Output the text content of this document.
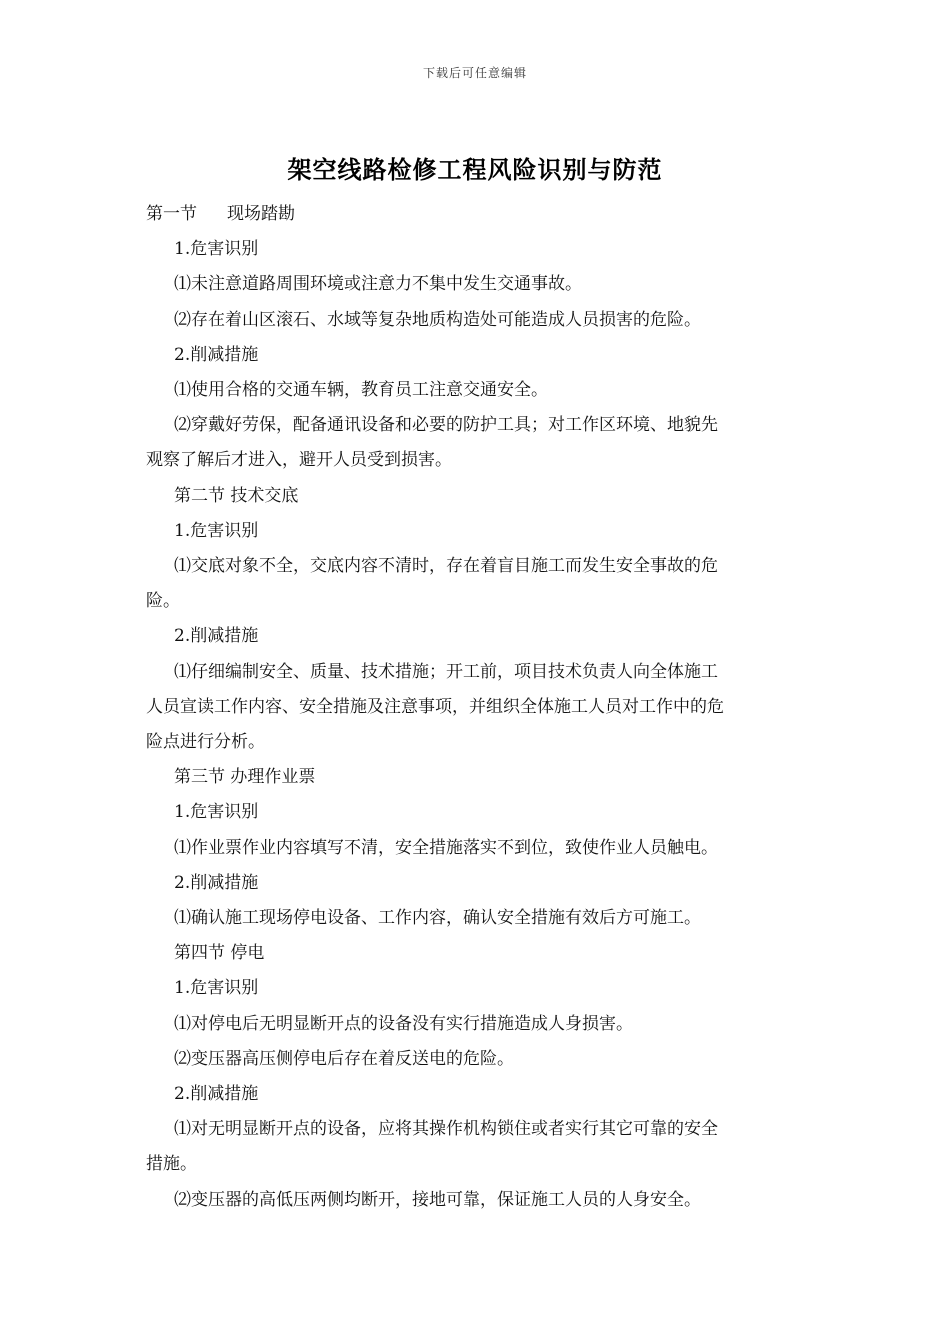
下载后可任意编辑
架空线路检修工程风险识别与防范

第一节 现场踏勘

1.危害识别

⑴未注意道路周围环境或注意力不集中发生交通事故。

⑵存在着山区滚石、水域等复杂地质构造处可能造成人员损害的危险。

2.削减措施

⑴使用合格的交通车辆，教育员工注意交通安全。

⑵穿戴好劳保，配备通讯设备和必要的防护工具；对工作区环境、地貌先

观察了解后才进入，避开人员受到损害。

第二节 技术交底

1.危害识别

⑴交底对象不全，交底内容不清时，存在着盲目施工而发生安全事故的危

险。

2.削减措施

⑴仔细编制安全、质量、技术措施；开工前，项目技术负责人向全体施工

人员宣读工作内容、安全措施及注意事项，并组织全体施工人员对工作中的危

险点进行分析。

第三节 办理作业票

1.危害识别

⑴作业票作业内容填写不清，安全措施落实不到位，致使作业人员触电。

2.削减措施

⑴确认施工现场停电设备、工作内容，确认安全措施有效后方可施工。

第四节 停电

1.危害识别

⑴对停电后无明显断开点的设备没有实行措施造成人身损害。

⑵变压器高压侧停电后存在着反送电的危险。

2.削减措施

⑴对无明显断开点的设备，应将其操作机构锁住或者实行其它可靠的安全

措施。

⑵变压器的高低压两侧均断开，接地可靠，保证施工人员的人身安全。
